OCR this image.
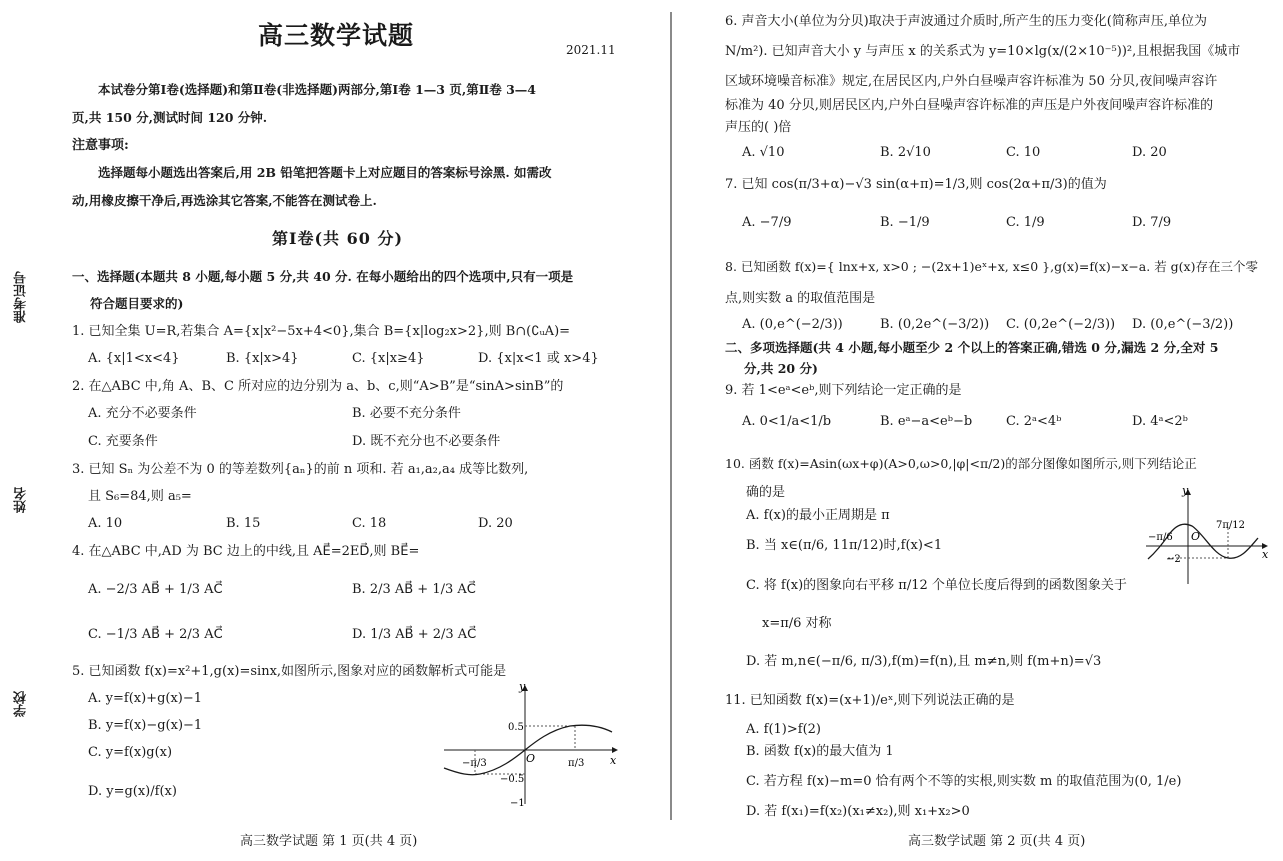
准考证号
姓名
学校
高三数学试题	2021.11
本试卷分第Ⅰ卷(选择题)和第Ⅱ卷(非选择题)两部分,第Ⅰ卷 1—3 页,第Ⅱ卷 3—4
页,共 150 分,测试时间 120 分钟.
注意事项:
选择题每小题选出答案后,用 2B 铅笔把答题卡上对应题目的答案标号涂黑. 如需改
动,用橡皮擦干净后,再选涂其它答案,不能答在测试卷上.
第Ⅰ卷(共 60 分)
一、选择题(本题共 8 小题,每小题 5 分,共 40 分. 在每小题给出的四个选项中,只有一项是
符合题目要求的)
1. 已知全集 U=R,若集合 A={x|x²−5x+4<0},集合 B={x|log₂x>2},则 B∩(∁ᵤA)=
A. {x|1<x<4}	B. {x|x>4}	C. {x|x≥4}	D. {x|x<1 或 x>4}
2. 在△ABC 中,角 A、B、C 所对应的边分别为 a、b、c,则“A>B”是“sinA>sinB”的
A. 充分不必要条件	B. 必要不充分条件
C. 充要条件	D. 既不充分也不必要条件
3. 已知 Sₙ 为公差不为 0 的等差数列{aₙ}的前 n 项和. 若 a₁,a₂,a₄ 成等比数列,
且 S₆=84,则 a₅=
A. 10	B. 15	C. 18	D. 20
4. 在△ABC 中,AD 为 BC 边上的中线,且 AE⃗=2ED⃗,则 BE⃗=
A. −2/3 AB⃗ + 1/3 AC⃗	B. 2/3 AB⃗ + 1/3 AC⃗
C. −1/3 AB⃗ + 2/3 AC⃗	D. 1/3 AB⃗ + 2/3 AC⃗
5. 已知函数 f(x)=x²+1,g(x)=sinx,如图所示,图象对应的函数解析式可能是
A. y=f(x)+g(x)−1
B. y=f(x)−g(x)−1
C. y=f(x)g(x)
D. y=g(x)/f(x)
y
x
O
0.5
−0.5
−1
−π/3	π/3
高三数学试题 第 1 页(共 4 页)
6. 声音大小(单位为分贝)取决于声波通过介质时,所产生的压力变化(简称声压,单位为
N/m²). 已知声音大小 y 与声压 x 的关系式为 y=10×lg(x/(2×10⁻⁵))²,且根据我国《城市
区域环境噪音标准》规定,在居民区内,户外白昼噪声容许标准为 50 分贝,夜间噪声容许
标准为 40 分贝,则居民区内,户外白昼噪声容许标准的声压是户外夜间噪声容许标准的
声压的( )倍
A. √10	B. 2√10	C. 10	D. 20
7. 已知 cos(π/3+α)−√3 sin(α+π)=1/3,则 cos(2α+π/3)的值为
A. −7/9	B. −1/9	C. 1/9	D. 7/9
8. 已知函数 f(x)={ lnx+x, x>0 ; −(2x+1)eˣ+x, x≤0 },g(x)=f(x)−x−a. 若 g(x)存在三个零
点,则实数 a 的取值范围是
A. (0,e^(−2/3))	B. (0,2e^(−3/2)) C. (0,2e^(−2/3)) D. (0,e^(−3/2))
二、多项选择题(共 4 小题,每小题至少 2 个以上的答案正确,错选 0 分,漏选 2 分,全对 5
分,共 20 分)
9. 若 1<eᵃ<eᵇ,则下列结论一定正确的是
A. 0<1/a<1/b	B. eᵃ−a<eᵇ−b	C. 2ᵃ<4ᵇ	D. 4ᵃ<2ᵇ
10. 函数 f(x)=Asin(ωx+φ)(A>0,ω>0,|φ|<π/2)的部分图像如图所示,则下列结论正
确的是
A. f(x)的最小正周期是 π
B. 当 x∈(π/6, 11π/12)时,f(x)<1
C. 将 f(x)的图象向右平移 π/12 个单位长度后得到的函数图象关于
x=π/6 对称
D. 若 m,n∈(−π/6, π/3),f(m)=f(n),且 m≠n,则 f(m+n)=√3
y
x
O
−π/6
7π/12
−2
11. 已知函数 f(x)=(x+1)/eˣ,则下列说法正确的是
A. f(1)>f(2)
B. 函数 f(x)的最大值为 1
C. 若方程 f(x)−m=0 恰有两个不等的实根,则实数 m 的取值范围为(0, 1/e)
D. 若 f(x₁)=f(x₂)(x₁≠x₂),则 x₁+x₂>0
高三数学试题 第 2 页(共 4 页)
